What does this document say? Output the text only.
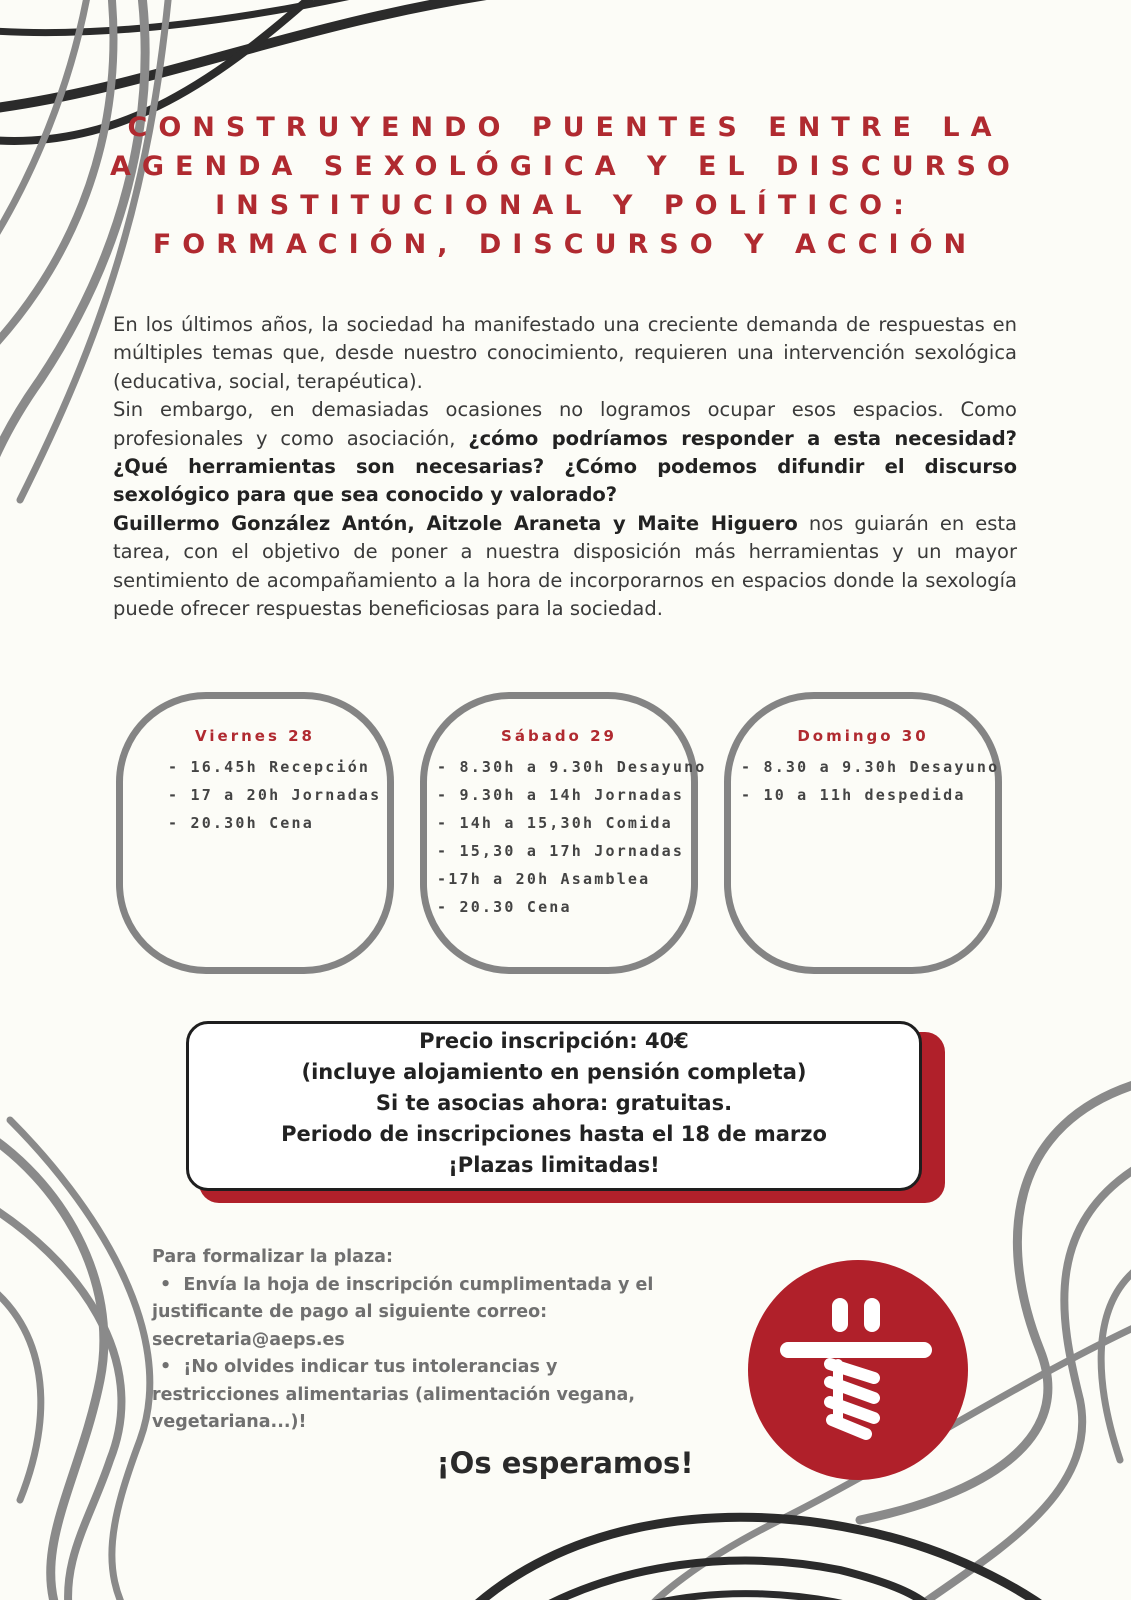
CONSTRUYENDO PUENTES ENTRE LA
AGENDA SEXOLÓGICA Y EL DISCURSO
INSTITUCIONAL Y POLÍTICO:
FORMACIÓN, DISCURSO Y ACCIÓN

En los últimos años, la sociedad ha manifestado una creciente demanda de respuestas en múltiples temas que, desde nuestro conocimiento, requieren una intervención sexológica (educativa, social, terapéutica).

Sin embargo, en demasiadas ocasiones no logramos ocupar esos espacios. Como profesionales y como asociación, ¿cómo podríamos responder a esta necesidad? ¿Qué herramientas son necesarias? ¿Cómo podemos difundir el discurso sexológico para que sea conocido y valorado?

Guillermo González Antón, Aitzole Araneta y Maite Higuero nos guiarán en esta tarea, con el objetivo de poner a nuestra disposición más herramientas y un mayor sentimiento de acompañamiento a la hora de incorporarnos en espacios donde la sexología puede ofrecer respuestas beneficiosas para la sociedad.

Viernes 28
- 16.45h Recepción
- 17 a 20h Jornadas
- 20.30h Cena
Sábado 29
- 8.30h a 9.30h Desayuno
- 9.30h a 14h Jornadas
- 14h a 15,30h Comida
- 15,30 a 17h Jornadas
-17h a 20h Asamblea
- 20.30 Cena
Domingo 30
- 8.30 a 9.30h Desayuno
- 10 a 11h despedida
Precio inscripción: 40€
(incluye alojamiento en pensión completa)
Si te asocias ahora: gratuitas.
Periodo de inscripciones hasta el 18 de marzo
¡Plazas limitadas!
Para formalizar la plaza:
• Envía la hoja de inscripción cumplimentada y el
justificante de pago al siguiente correo:
secretaria@aeps.es
• ¡No olvides indicar tus intolerancias y
restricciones alimentarias (alimentación vegana,
vegetariana...)!
¡Os esperamos!
